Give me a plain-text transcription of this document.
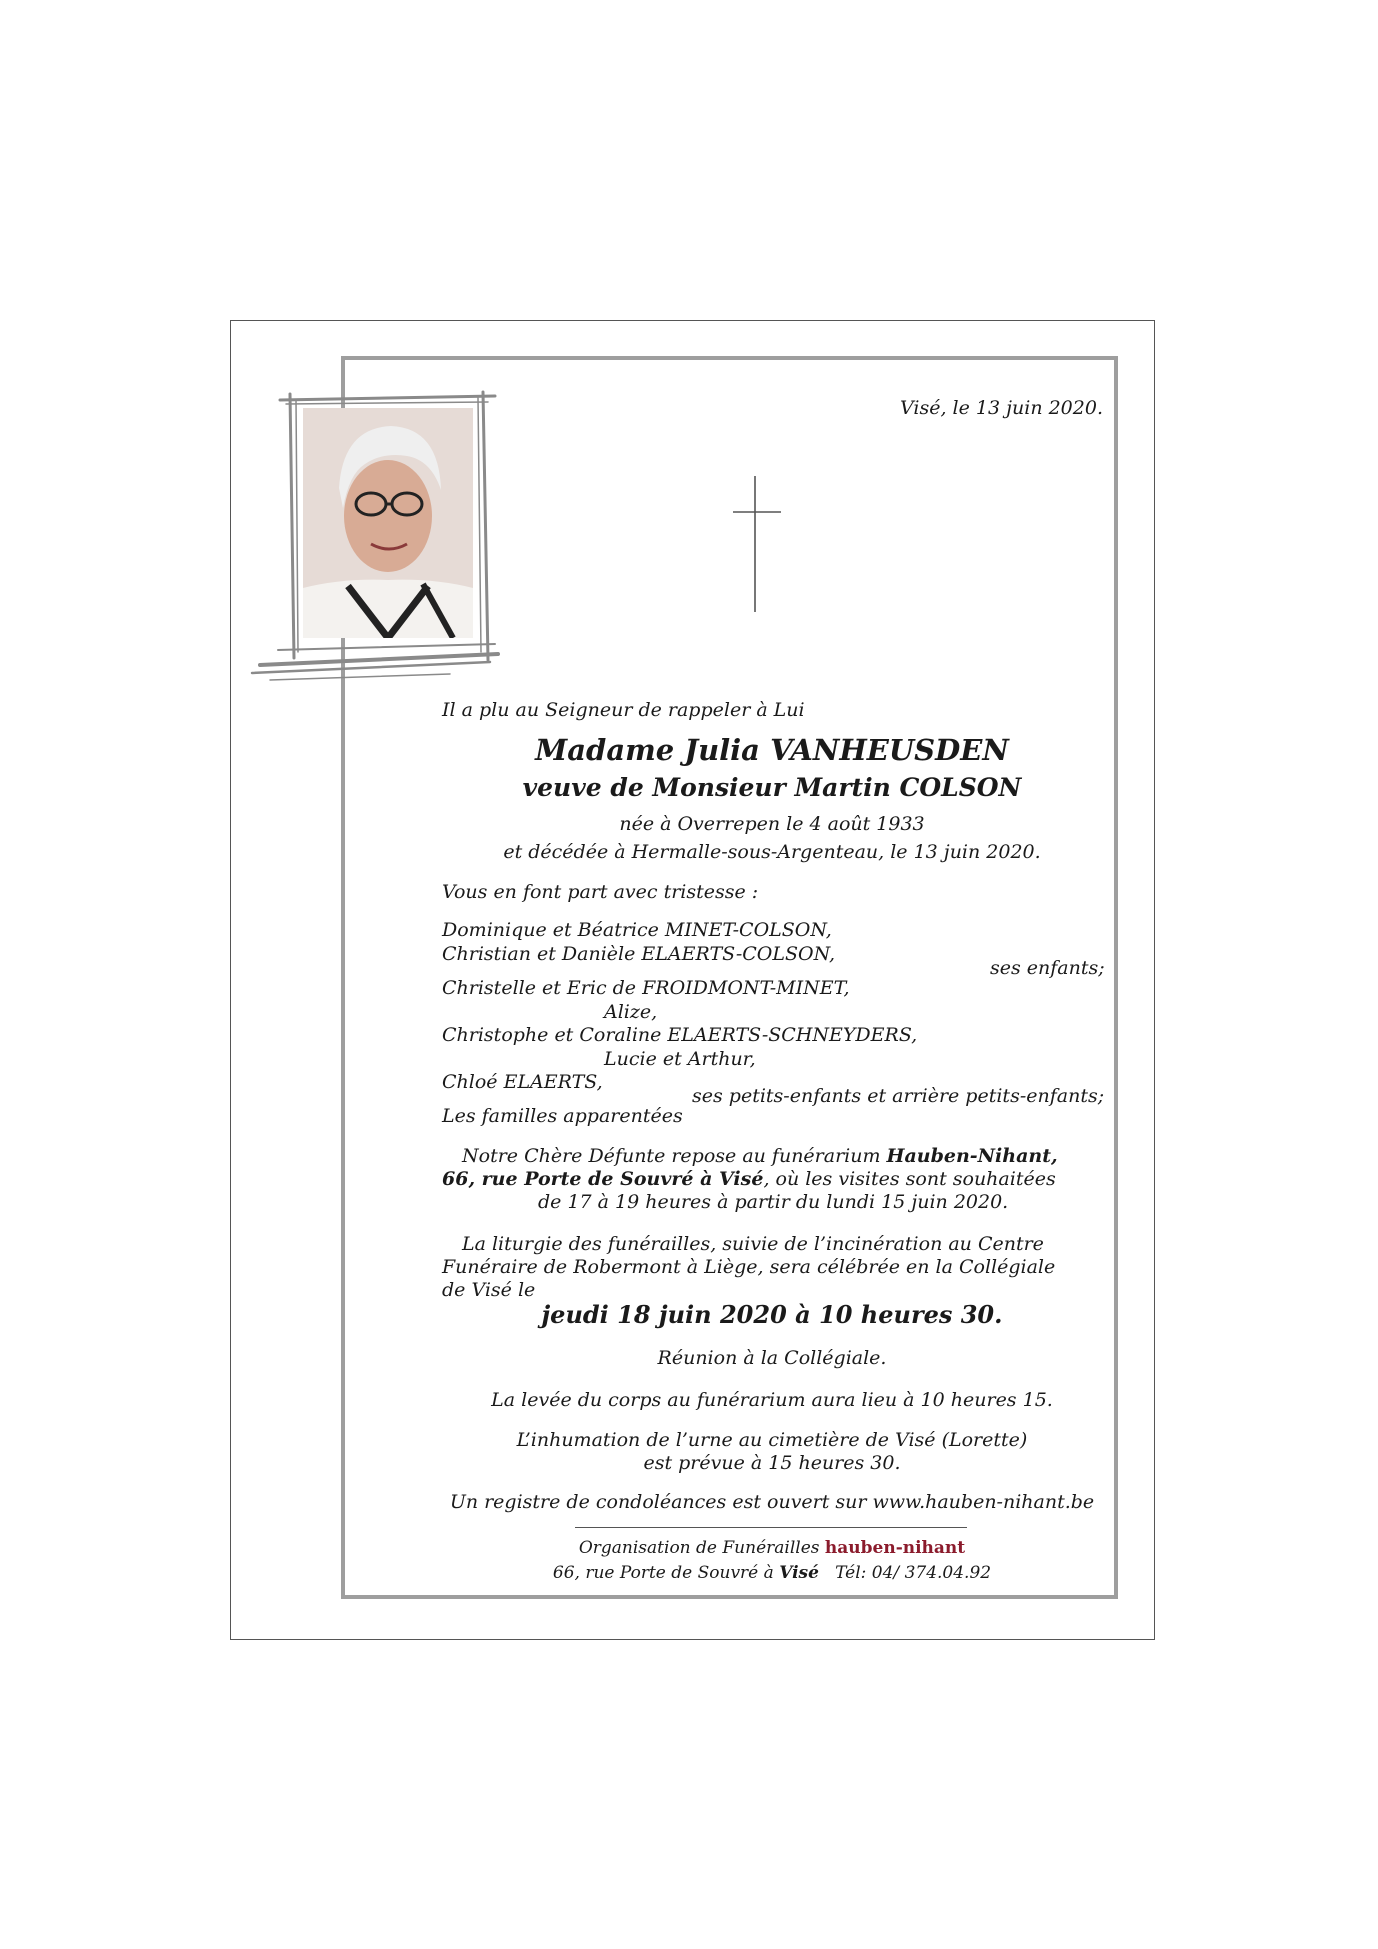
Visé, le 13 juin 2020.
Il a plu au Seigneur de rappeler à Lui
Madame Julia VANHEUSDEN
veuve de Monsieur Martin COLSON
née à Overrepen le 4 août 1933
et décédée à Hermalle-sous-Argenteau, le 13 juin 2020.
Vous en font part avec tristesse :
Dominique et Béatrice MINET-COLSON,
Christian et Danièle ELAERTS-COLSON,
ses enfants;
Christelle et Eric de FROIDMONT-MINET,
Alize,
Christophe et Coraline ELAERTS-SCHNEYDERS,
Lucie et Arthur,
Chloé ELAERTS,
ses petits-enfants et arrière petits-enfants;
Les familles apparentées
Notre Chère Défunte repose au funérarium Hauben-Nihant,
66, rue Porte de Souvré à Visé, où les visites sont souhaitées
de 17 à 19 heures à partir du lundi 15 juin 2020.
La liturgie des funérailles, suivie de l’incinération au Centre
Funéraire de Robermont à Liège, sera célébrée en la Collégiale
de Visé le
jeudi 18 juin 2020 à 10 heures 30.
Réunion à la Collégiale.
La levée du corps au funérarium aura lieu à 10 heures 15.
L’inhumation de l’urne au cimetière de Visé (Lorette)
est prévue à 15 heures 30.
Un registre de condoléances est ouvert sur www.hauben-nihant.be
Organisation de Funérailles hauben-nihant
66, rue Porte de Souvré à Visé Tél: 04/ 374.04.92
